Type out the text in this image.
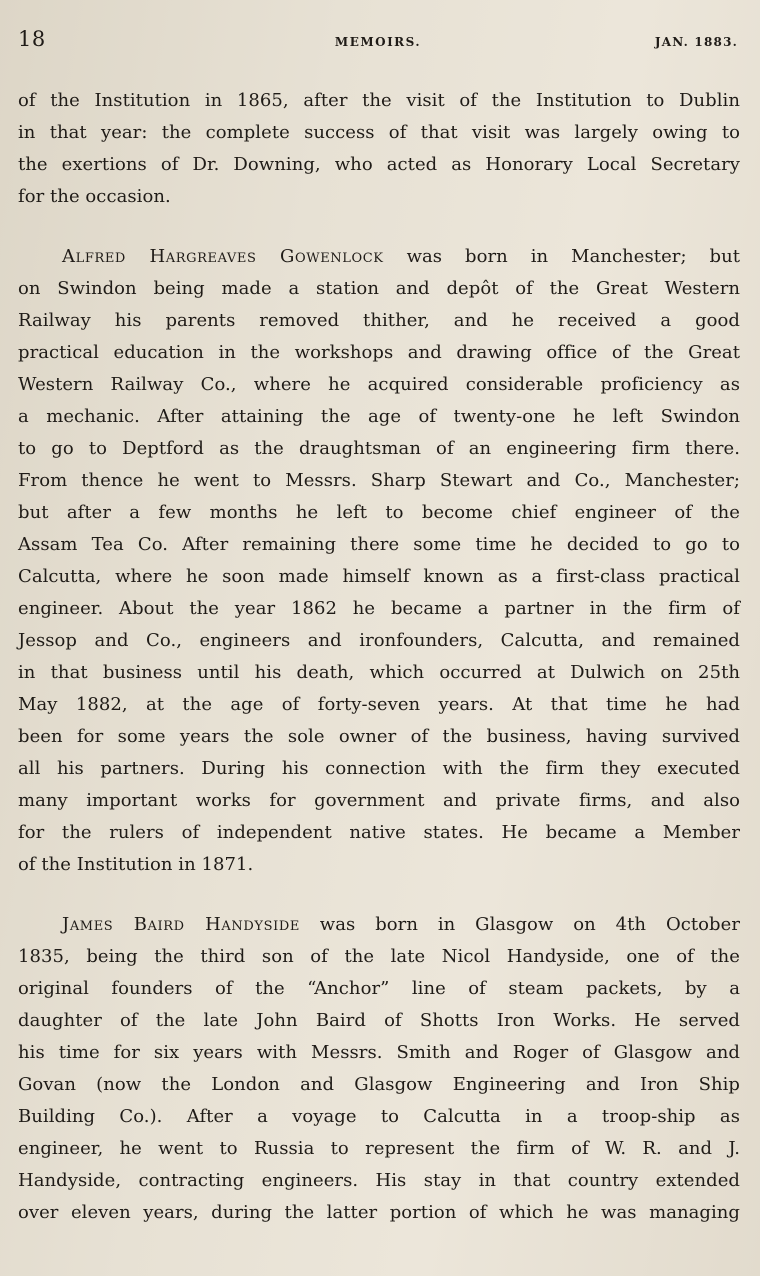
18	MEMOIRS.	JAN. 1883.

of the Institution in 1865, after the visit of the Institution to Dublin
in that year: the complete success of that visit was largely owing to
the exertions of Dr. Downing, who acted as Honorary Local Secretary
for the occasion.

Alfred Hargreaves Gowenlock was born in Manchester; but
on Swindon being made a station and depôt of the Great Western
Railway his parents removed thither, and he received a good
practical education in the workshops and drawing office of the Great
Western Railway Co., where he acquired considerable proficiency as
a mechanic. After attaining the age of twenty-one he left Swindon
to go to Deptford as the draughtsman of an engineering firm there.
From thence he went to Messrs. Sharp Stewart and Co., Manchester;
but after a few months he left to become chief engineer of the
Assam Tea Co. After remaining there some time he decided to go to
Calcutta, where he soon made himself known as a first-class practical
engineer. About the year 1862 he became a partner in the firm of
Jessop and Co., engineers and ironfounders, Calcutta, and remained
in that business until his death, which occurred at Dulwich on 25th
May 1882, at the age of forty-seven years. At that time he had
been for some years the sole owner of the business, having survived
all his partners. During his connection with the firm they executed
many important works for government and private firms, and also
for the rulers of independent native states. He became a Member
of the Institution in 1871.

James Baird Handyside was born in Glasgow on 4th October
1835, being the third son of the late Nicol Handyside, one of the
original founders of the “Anchor” line of steam packets, by a
daughter of the late John Baird of Shotts Iron Works. He served
his time for six years with Messrs. Smith and Roger of Glasgow and
Govan (now the London and Glasgow Engineering and Iron Ship
Building Co.). After a voyage to Calcutta in a troop-ship as
engineer, he went to Russia to represent the firm of W. R. and J.
Handyside, contracting engineers. His stay in that country extended
over eleven years, during the latter portion of which he was managing
